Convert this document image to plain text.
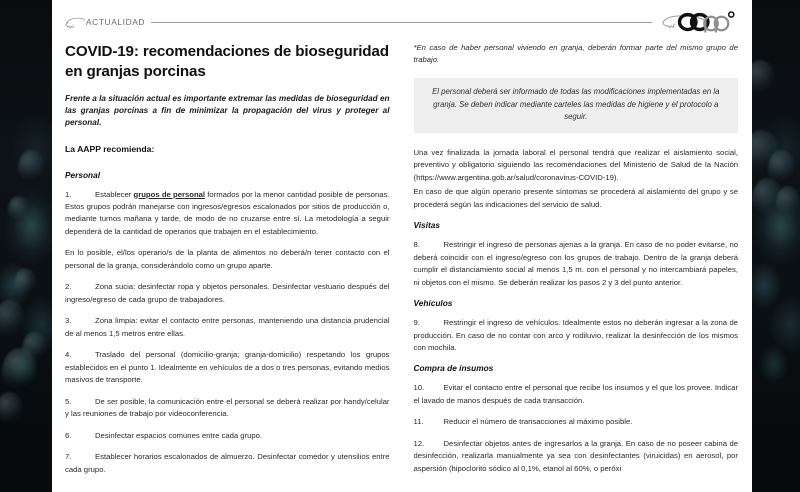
ACTUALIDAD
COVID-19: recomendaciones de bioseguridad en granjas porcinas

Frente a la situación actual es importante extremar las medidas de bioseguridad en las granjas porcinas a fin de minimizar la propagación del virus y proteger al personal.

La AAPP recomienda:

Personal

1.	Establecer grupos de personal formados por la menor cantidad posible de personas. Estos grupos podrán manejarse con ingresos/egresos escalonados por sitios de producción o, mediante turnos mañana y tarde, de modo de no cruzarse entre sí. La metodología a seguir dependerá de la cantidad de operarios que trabajen en el establecimiento.

En lo posible, el/los operario/s de la planta de alimentos no deberá/n tener contacto con el personal de la granja, considerándolo como un grupo aparte.

2.	Zona sucia: desinfectar ropa y objetos personales. Desinfectar vestuario después del ingreso/egreso de cada grupo de trabajadores.

3.	Zona limpia: evitar el contacto entre personas, manteniendo una distancia prudencial de al menos 1,5 metros entre ellas.

4.	Traslado del personal (domicilio-granja; granja-domicilio) respetando los grupos establecidos en el punto 1. Idealmente en vehículos de a dos o tres personas, evitando medios masivos de transporte.

5.	De ser posible, la comunicación entre el personal se deberá realizar por handy/celular y las reuniones de trabajo por videoconferencia.

6.	Desinfectar espacios comunes entre cada grupo.

7.	Establecer horarios escalonados de almuerzo. Desinfectar comedor y utensilios entre cada grupo.

*En caso de haber personal viviendo en granja, deberán formar parte del mismo grupo de trabajo.

El personal deberá ser informado de todas las modificaciones implementadas en la granja. Se deben indicar mediante carteles las medidas de higiene y el protocolo a seguir.

Una vez finalizada la jornada laboral el personal tendrá que realizar el aislamiento social, preventivo y obligatorio siguiendo las recomendaciones del Ministerio de Salud de la Nación (https://www.argentina.gob.ar/salud/coronavirus-COVID-19).

En caso de que algún operario presente síntomas se procederá al aislamiento del grupo y se procederá según las indicaciones del servicio de salud.

Visitas

8.	Restringir el ingreso de personas ajenas a la granja. En caso de no poder evitarse, no deberá coincidir con el ingreso/egreso con los grupos de trabajo. Dentro de la granja deberá cumplir el distanciamiento social al menos 1,5 m. con el personal y no intercambiará papeles, ni objetos con el mismo. Se deberán realizar los pasos 2 y 3 del punto anterior.

Vehículos

9.	Restringir el ingreso de vehículos. Idealmente estos no deberán ingresar a la zona de producción. En caso de no contar con arco y rodiluvio, realizar la desinfección de los mismos con mochila.

Compra de insumos

10.	Evitar el contacto entre el personal que recibe los insumos y el que los provee. Indicar el lavado de manos después de cada transacción.

11.	Reducir el número de transacciones al máximo posible.

12.	Desinfectar objetos antes de ingresarlos a la granja. En caso de no poseer cabina de desinfección, realizarla manualmente ya sea con desinfectantes (viruicidas) en aerosol, por aspersión (hipoclorito sódico al 0,1%, etanol al 60%, o peróxi
